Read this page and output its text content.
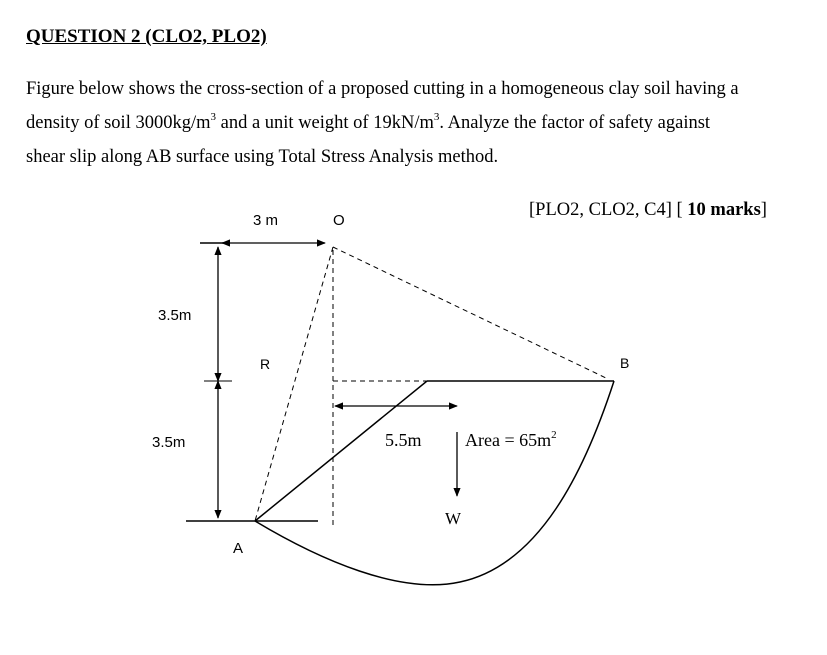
QUESTION 2 (CLO2, PLO2)
Figure below shows the cross-section of a proposed cutting in a homogeneous clay soil having a
density of soil $3000kg/m^3$ and a unit weight of $19kN/m^3$. Analyze the factor of safety against
shear slip along AB surface using Total Stress Analysis method.
[PLO2, CLO2, C4] [ 10 marks]
3 m	O
3.5m
3.5m
R	B
5.5m Area = $65m^2$
W
A
